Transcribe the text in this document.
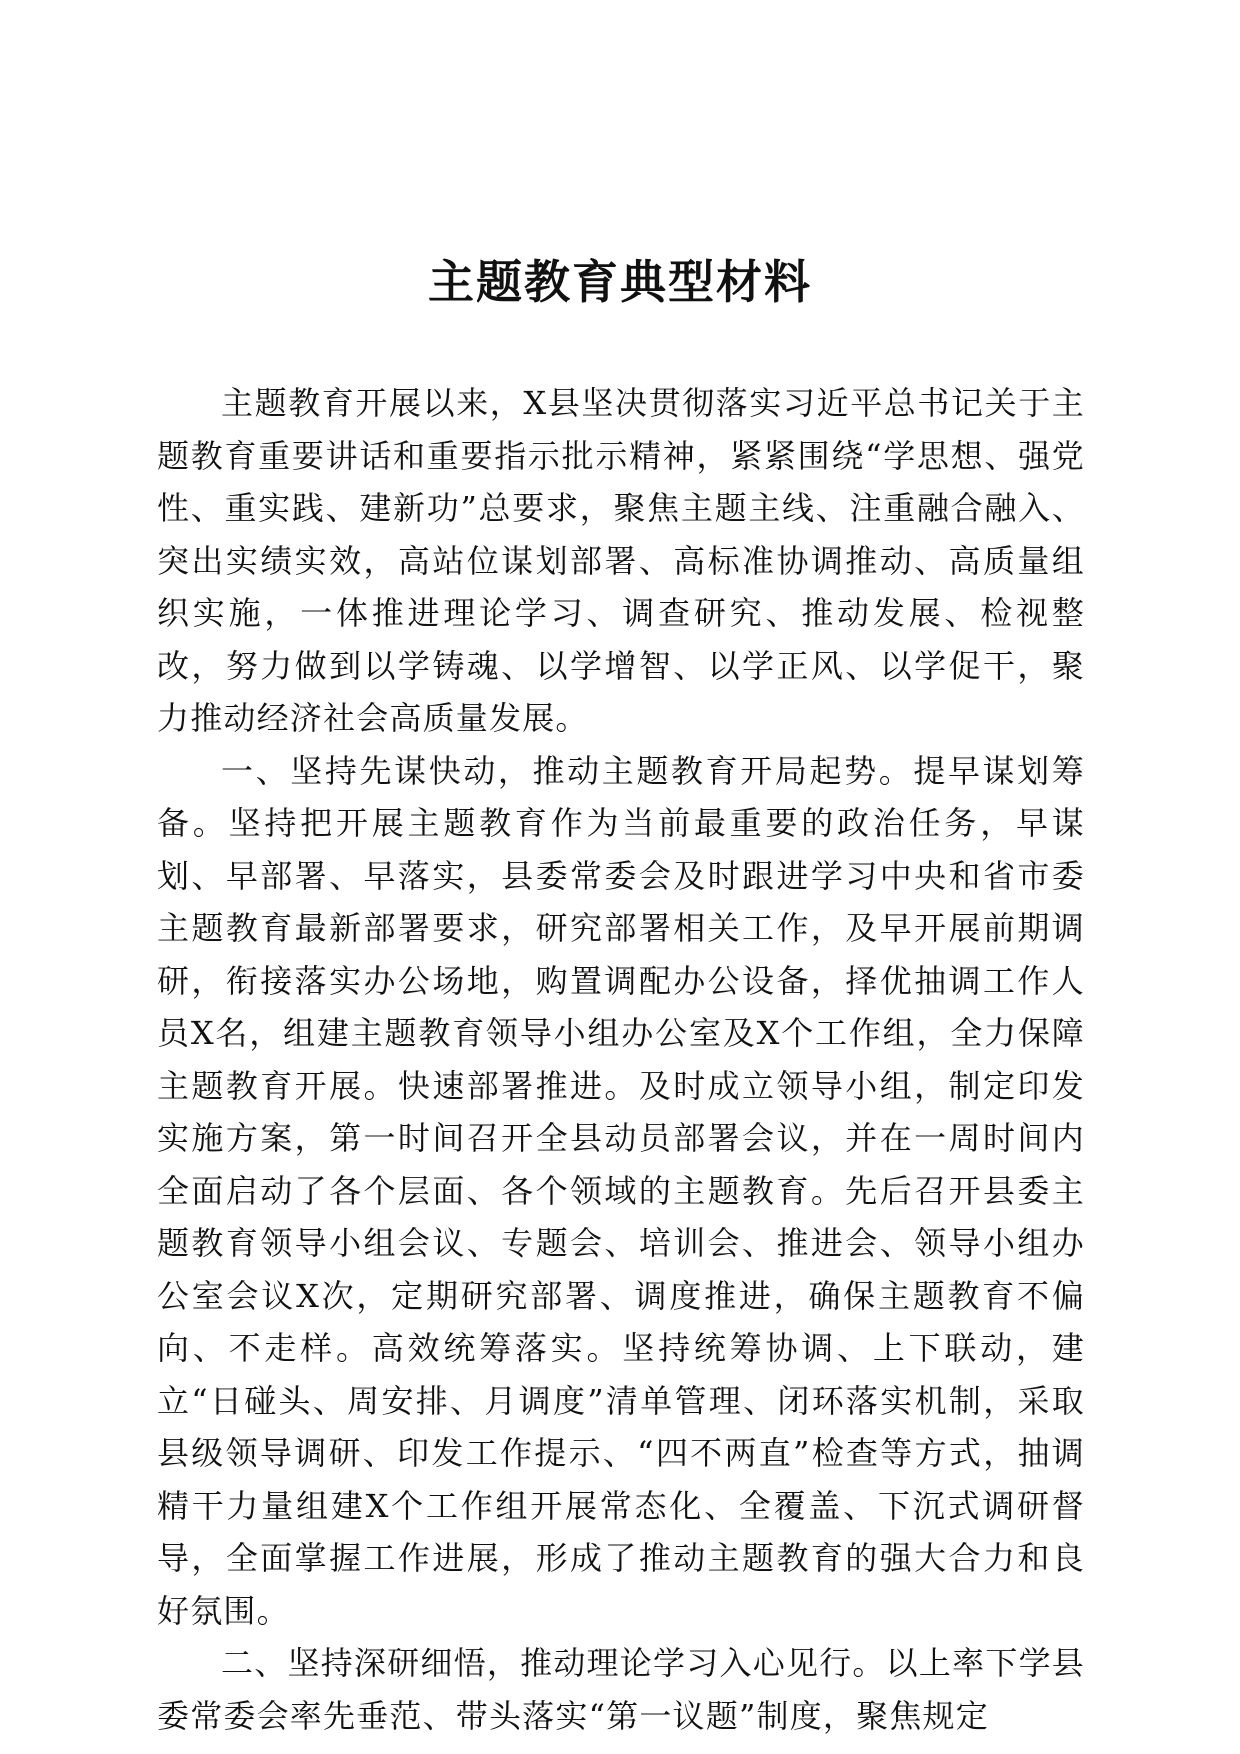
主题教育典型材料

主题教育开展以来，X县坚决贯彻落实习近平总书记关于主题教育重要讲话和重要指示批示精神，紧紧围绕“学思想、强党性、重实践、建新功”总要求，聚焦主题主线、注重融合融入、突出实绩实效，高站位谋划部署、高标准协调推动、高质量组织实施，一体推进理论学习、调查研究、推动发展、检视整改，努力做到以学铸魂、以学增智、以学正风、以学促干，聚力推动经济社会高质量发展。

一、坚持先谋快动，推动主题教育开局起势。提早谋划筹备。坚持把开展主题教育作为当前最重要的政治任务，早谋划、早部署、早落实，县委常委会及时跟进学习中央和省市委主题教育最新部署要求，研究部署相关工作，及早开展前期调研，衔接落实办公场地，购置调配办公设备，择优抽调工作人员X名，组建主题教育领导小组办公室及X个工作组，全力保障主题教育开展。快速部署推进。及时成立领导小组，制定印发实施方案，第一时间召开全县动员部署会议，并在一周时间内全面启动了各个层面、各个领域的主题教育。先后召开县委主题教育领导小组会议、专题会、培训会、推进会、领导小组办公室会议X次，定期研究部署、调度推进，确保主题教育不偏向、不走样。高效统筹落实。坚持统筹协调、上下联动，建立“日碰头、周安排、月调度”清单管理、闭环落实机制，采取县级领导调研、印发工作提示、“四不两直”检查等方式，抽调精干力量组建X个工作组开展常态化、全覆盖、下沉式调研督导，全面掌握工作进展，形成了推动主题教育的强大合力和良好氛围。

二、坚持深研细悟，推动理论学习入心见行。以上率下学县委常委会率先垂范、带头落实“第一议题”制度，聚焦规定
